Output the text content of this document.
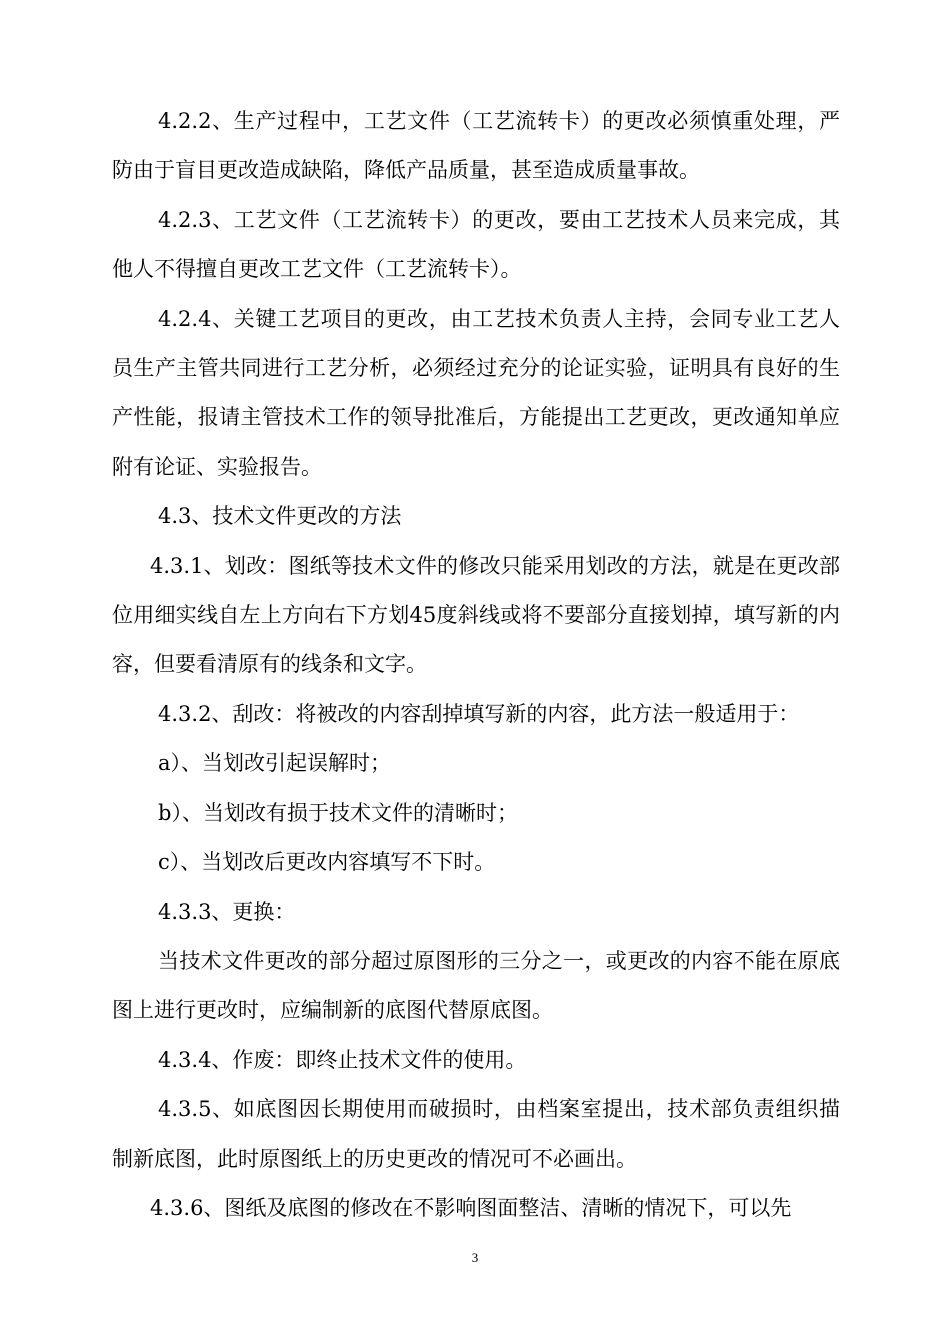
4.2.2、生产过程中，工艺文件（工艺流转卡）的更改必须慎重处理，严防由于盲目更改造成缺陷，降低产品质量，甚至造成质量事故。

4.2.3、工艺文件（工艺流转卡）的更改，要由工艺技术人员来完成，其他人不得擅自更改工艺文件（工艺流转卡）。

4.2.4、关键工艺项目的更改，由工艺技术负责人主持，会同专业工艺人员生产主管共同进行工艺分析，必须经过充分的论证实验，证明具有良好的生产性能，报请主管技术工作的领导批准后，方能提出工艺更改，更改通知单应附有论证、实验报告。

4.3、技术文件更改的方法

4.3.1、划改：图纸等技术文件的修改只能采用划改的方法，就是在更改部位用细实线自左上方向右下方划45度斜线或将不要部分直接划掉，填写新的内容，但要看清原有的线条和文字。

4.3.2、刮改：将被改的内容刮掉填写新的内容，此方法一般适用于：

a）、当划改引起误解时；

b）、当划改有损于技术文件的清晰时；

c）、当划改后更改内容填写不下时。

4.3.3、更换：

当技术文件更改的部分超过原图形的三分之一，或更改的内容不能在原底图上进行更改时，应编制新的底图代替原底图。

4.3.4、作废：即终止技术文件的使用。

4.3.5、如底图因长期使用而破损时，由档案室提出，技术部负责组织描制新底图，此时原图纸上的历史更改的情况可不必画出。

4.3.6、图纸及底图的修改在不影响图面整洁、清晰的情况下，可以先

3
